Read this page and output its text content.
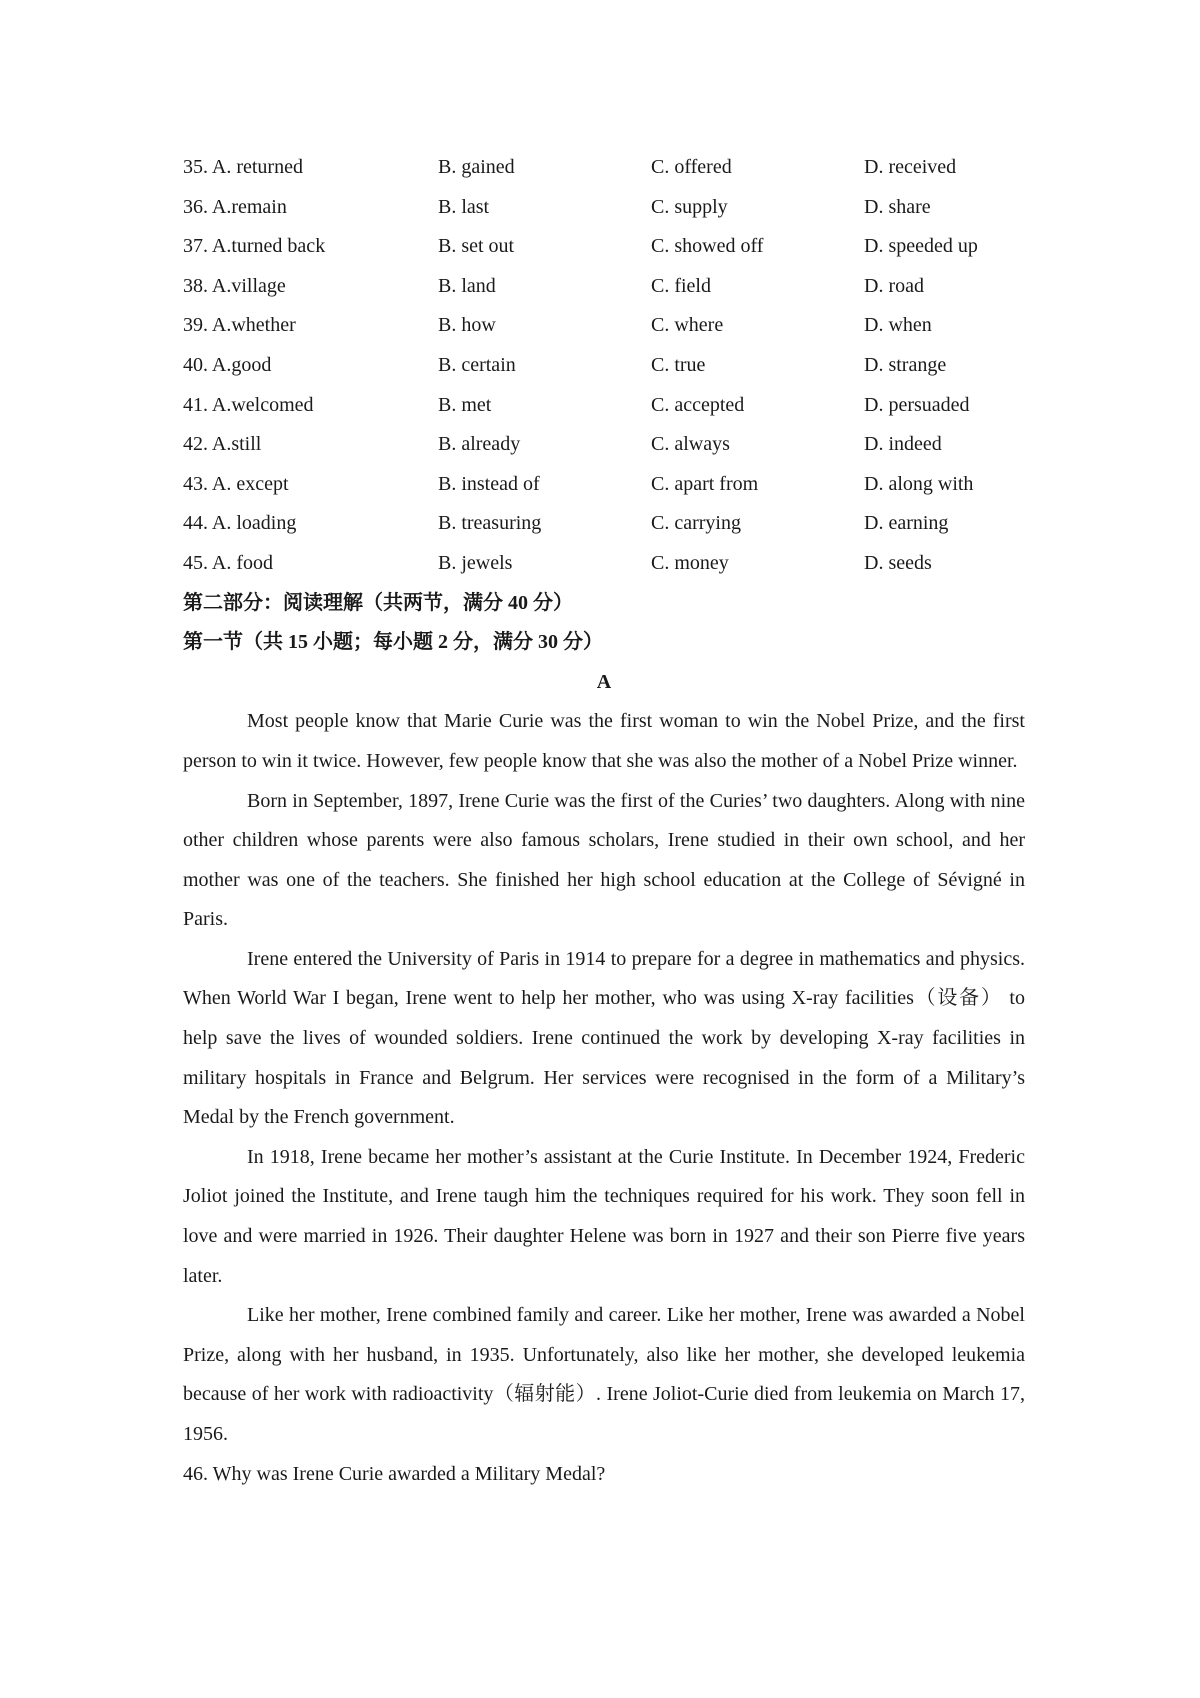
35. A. returned	B. gained	C. offered	D. received
36. A.remain	B. last	C. supply	D. share
37. A.turned back	B. set out	C. showed off	D. speeded up
38. A.village	B. land	C. field	D. road
39. A.whether	B. how	C. where	D. when
40. A.good	B. certain	C. true	D. strange
41. A.welcomed	B. met	C. accepted	D. persuaded
42. A.still	B. already	C. always	D. indeed
43. A. except	B. instead of	C. apart from	D. along with
44. A. loading	B. treasuring	C. carrying	D. earning
45. A. food	B. jewels	C. money	D. seeds
第二部分：阅读理解（共两节，满分 40 分）
第一节（共 15 小题；每小题 2 分，满分 30 分）
A

Most people know that Marie Curie was the first woman to win the Nobel Prize, and the first person to win it twice. However, few people know that she was also the mother of a Nobel Prize winner.

Born in September, 1897, Irene Curie was the first of the Curies’ two daughters. Along with nine other children whose parents were also famous scholars, Irene studied in their own school, and her mother was one of the teachers. She finished her high school education at the College of Sévigné in Paris.

Irene entered the University of Paris in 1914 to prepare for a degree in mathematics and physics. When World War I began, Irene went to help her mother, who was using X-ray facilities（设备） to help save the lives of wounded soldiers. Irene continued the work by developing X-ray facilities in military hospitals in France and Belgrum. Her services were recognised in the form of a Military’s Medal by the French government.

In 1918, Irene became her mother’s assistant at the Curie Institute. In December 1924, Frederic Joliot joined the Institute, and Irene taugh him the techniques required for his work. They soon fell in love and were married in 1926. Their daughter Helene was born in 1927 and their son Pierre five years later.

Like her mother, Irene combined family and career. Like her mother, Irene was awarded a Nobel Prize, along with her husband, in 1935. Unfortunately, also like her mother, she developed leukemia because of her work with radioactivity（辐射能）. Irene Joliot-Curie died from leukemia on March 17, 1956.

46. Why was Irene Curie awarded a Military Medal?
